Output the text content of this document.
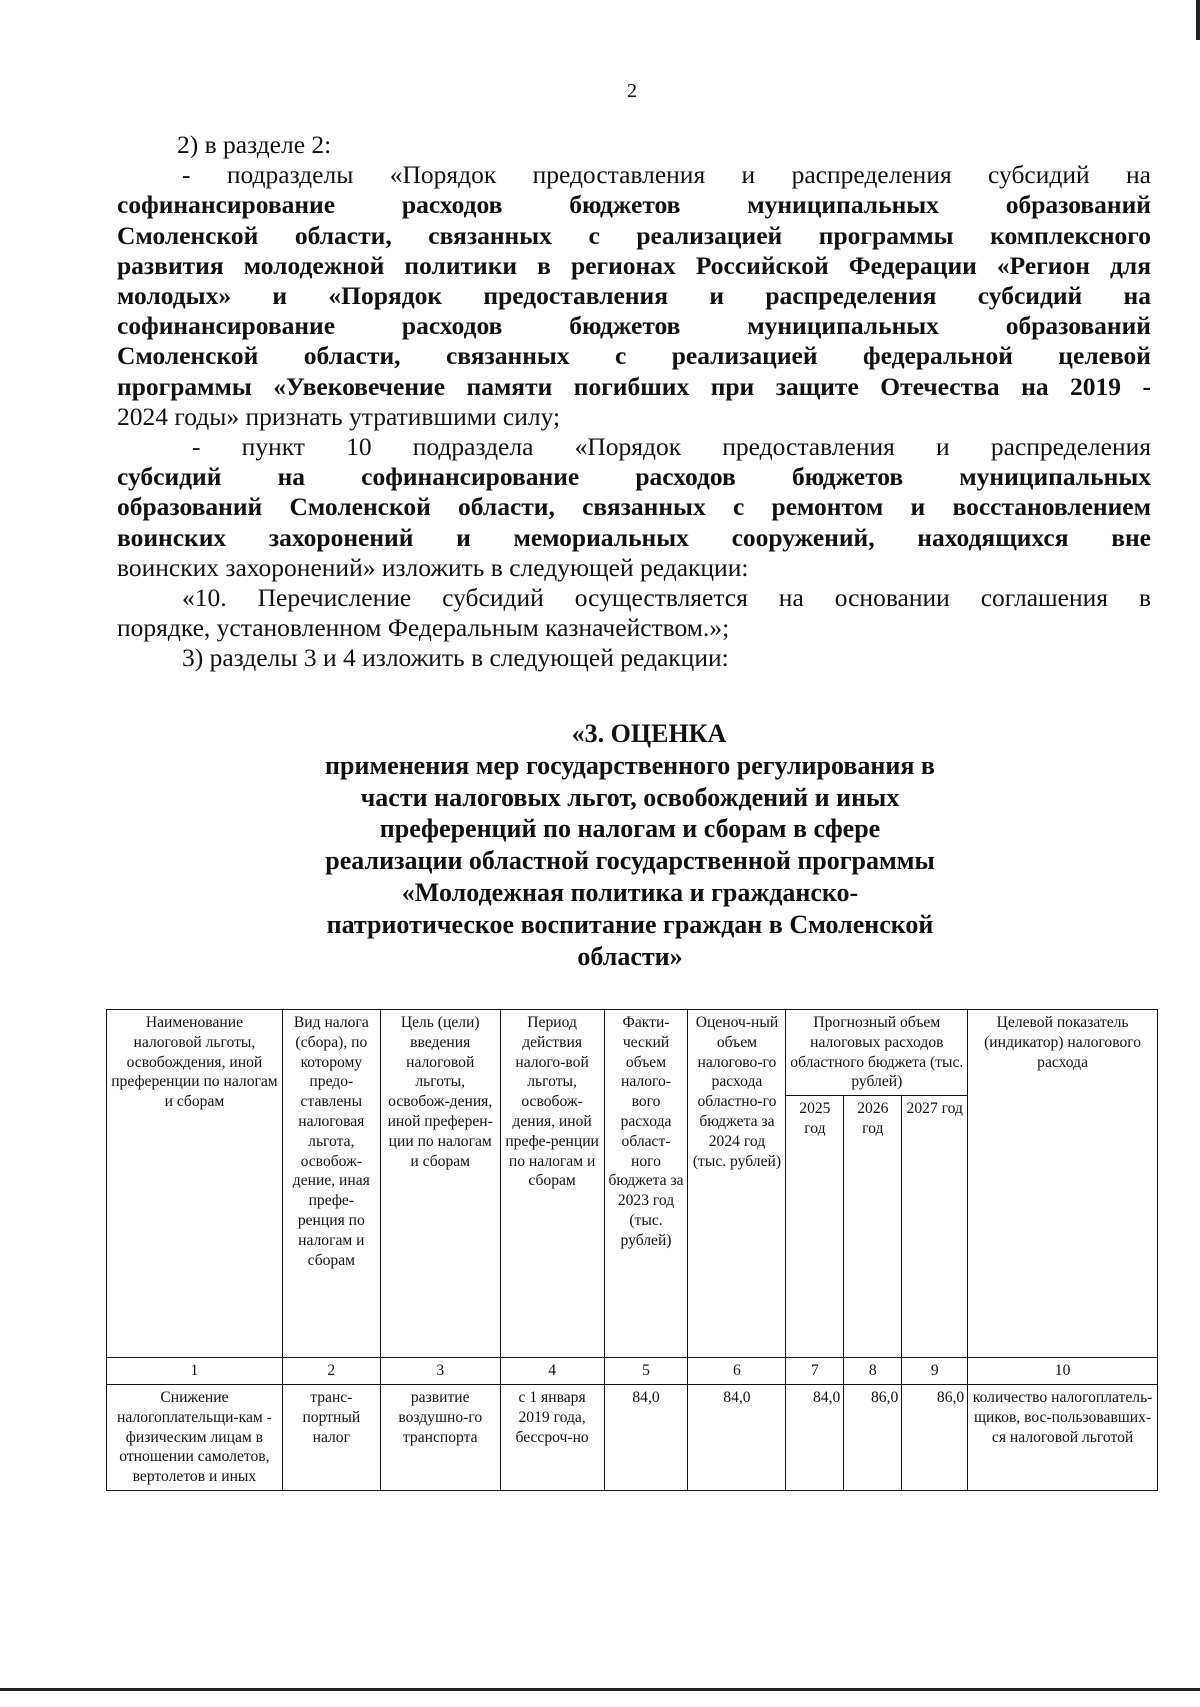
2

2) в разделе 2:

- подразделы «Порядок предоставления и распределения субсидий на

софинансирование расходов бюджетов муниципальных образований

Смоленской области, связанных с реализацией программы комплексного

развития молодежной политики в регионах Российской Федерации «Регион для

молодых» и «Порядок предоставления и распределения субсидий на

софинансирование расходов бюджетов муниципальных образований

Смоленской области, связанных с реализацией федеральной целевой

программы «Увековечение памяти погибших при защите Отечества на 2019 -

2024 годы» признать утратившими силу;

- пункт 10 подраздела «Порядок предоставления и распределения

субсидий на софинансирование расходов бюджетов муниципальных

образований Смоленской области, связанных с ремонтом и восстановлением

воинских захоронений и мемориальных сооружений, находящихся вне

воинских захоронений» изложить в следующей редакции:

«10. Перечисление субсидий осуществляется на основании соглашения в

порядке, установленном Федеральным казначейством.»;

3) разделы 3 и 4 изложить в следующей редакции:

«3. ОЦЕНКА
применения мер государственного регулирования в
части налоговых льгот, освобождений и иных
преференций по налогам и сборам в сфере
реализации областной государственной программы
«Молодежная политика и гражданско-
патриотическое воспитание граждан в Смоленской
области»
Наименование налоговой льготы, освобождения, иной преференции по налогам и сборам	Вид налога (сбора), по которому предо-ставлены налоговая льгота, освобож-дение, иная префе-ренция по налогам и сборам	Цель (цели) введения налоговой льготы, освобож-дения, иной преферен-ции по налогам и сборам	Период действия налого-вой льготы, освобож-дения, иной префе-ренции по налогам и сборам	Факти-ческий объем налого-вого расхода област-ного бюджета за 2023 год (тыс. рублей)	Оценоч-ный объем налогово-го расхода областно-го бюджета за 2024 год (тыс. рублей)	Прогнозный объем налоговых расходов областного бюджета (тыс. рублей)			Целевой показатель (индикатор) налогового расхода
						2025 год	2026 год	2027 год	
1	2	3	4	5	6	7	8	9	10
Снижение налогоплательщи-кам - физическим лицам в отношении самолетов, вертолетов и иных	транс-портный налог	развитие воздушно-го транспорта	с 1 января 2019 года, бессроч-но	84,0	84,0	84,0	86,0	86,0	количество налогоплатель-щиков, вос-пользовавших-ся налоговой льготой
